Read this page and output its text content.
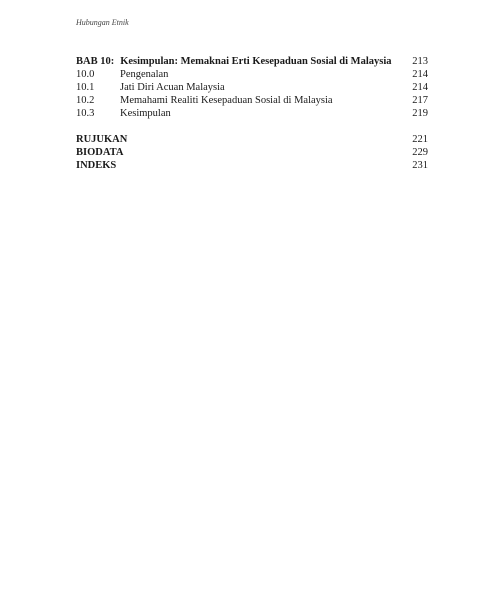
Hubungan Etnik
BAB 10: Kesimpulan: Memaknai Erti Kesepaduan Sosial di Malaysia	213
10.0	Pengenalan	214
10.1	Jati Diri Acuan Malaysia	214
10.2	Memahami Realiti Kesepaduan Sosial di Malaysia	217
10.3	Kesimpulan	219
RUJUKAN	221
BIODATA	229
INDEKS	231
